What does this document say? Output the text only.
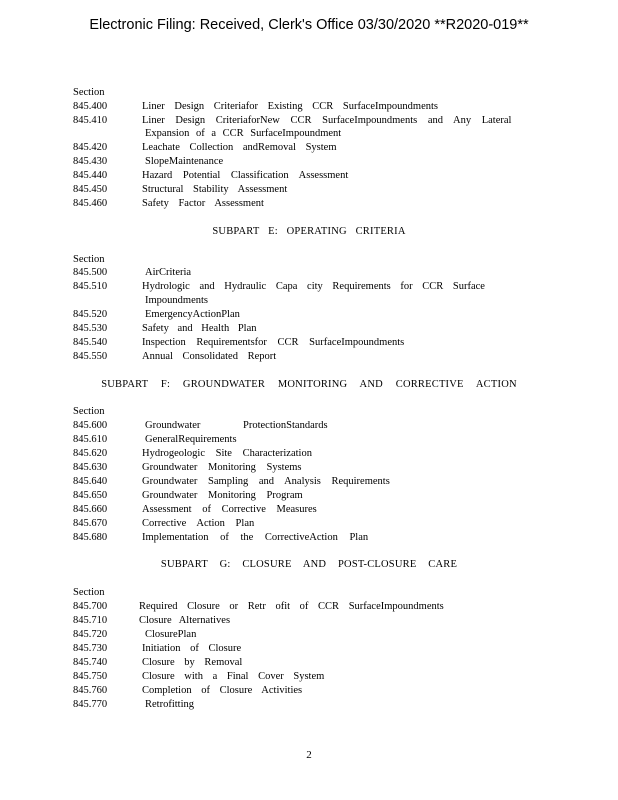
Electronic Filing: Received, Clerk's Office 03/30/2020 **R2020-019**
Section
845.400	Liner Design Criteriafor Existing CCR SurfaceImpoundments
845.410	Liner Design CriteriaforNew CCR SurfaceImpoundments and Any Lateral
Expansion of a CCR SurfaceImpoundment
845.420	Leachate Collection andRemoval System
845.430	SlopeMaintenance
845.440	Hazard Potential Classification Assessment
845.450	Structural Stability Assessment
845.460	Safety Factor Assessment
SUBPART E: OPERATING CRITERIA
Section
845.500	AirCriteria
845.510	Hydrologic and Hydraulic Capa city Requirements for CCR Surface
Impoundments
845.520	EmergencyActionPlan
845.530	Safety and Health Plan
845.540	Inspection Requirementsfor CCR SurfaceImpoundments
845.550	Annual Consolidated Report
SUBPART F: GROUNDWATER MONITORING AND CORRECTIVE ACTION
Section
845.600	Groundwater ProtectionStandards
845.610	GeneralRequirements
845.620	Hydrogeologic Site Characterization
845.630	Groundwater Monitoring Systems
845.640	Groundwater Sampling and Analysis Requirements
845.650	Groundwater Monitoring Program
845.660	Assessment of Corrective Measures
845.670	Corrective Action Plan
845.680	Implementation of the CorrectiveAction Plan
SUBPART G: CLOSURE AND POST-CLOSURE CARE
Section
845.700	Required Closure or Retr ofit of CCR SurfaceImpoundments
845.710	Closure Alternatives
845.720	ClosurePlan
845.730	Initiation of Closure
845.740	Closure by Removal
845.750	Closure with a Final Cover System
845.760	Completion of Closure Activities
845.770	Retrofitting
2
